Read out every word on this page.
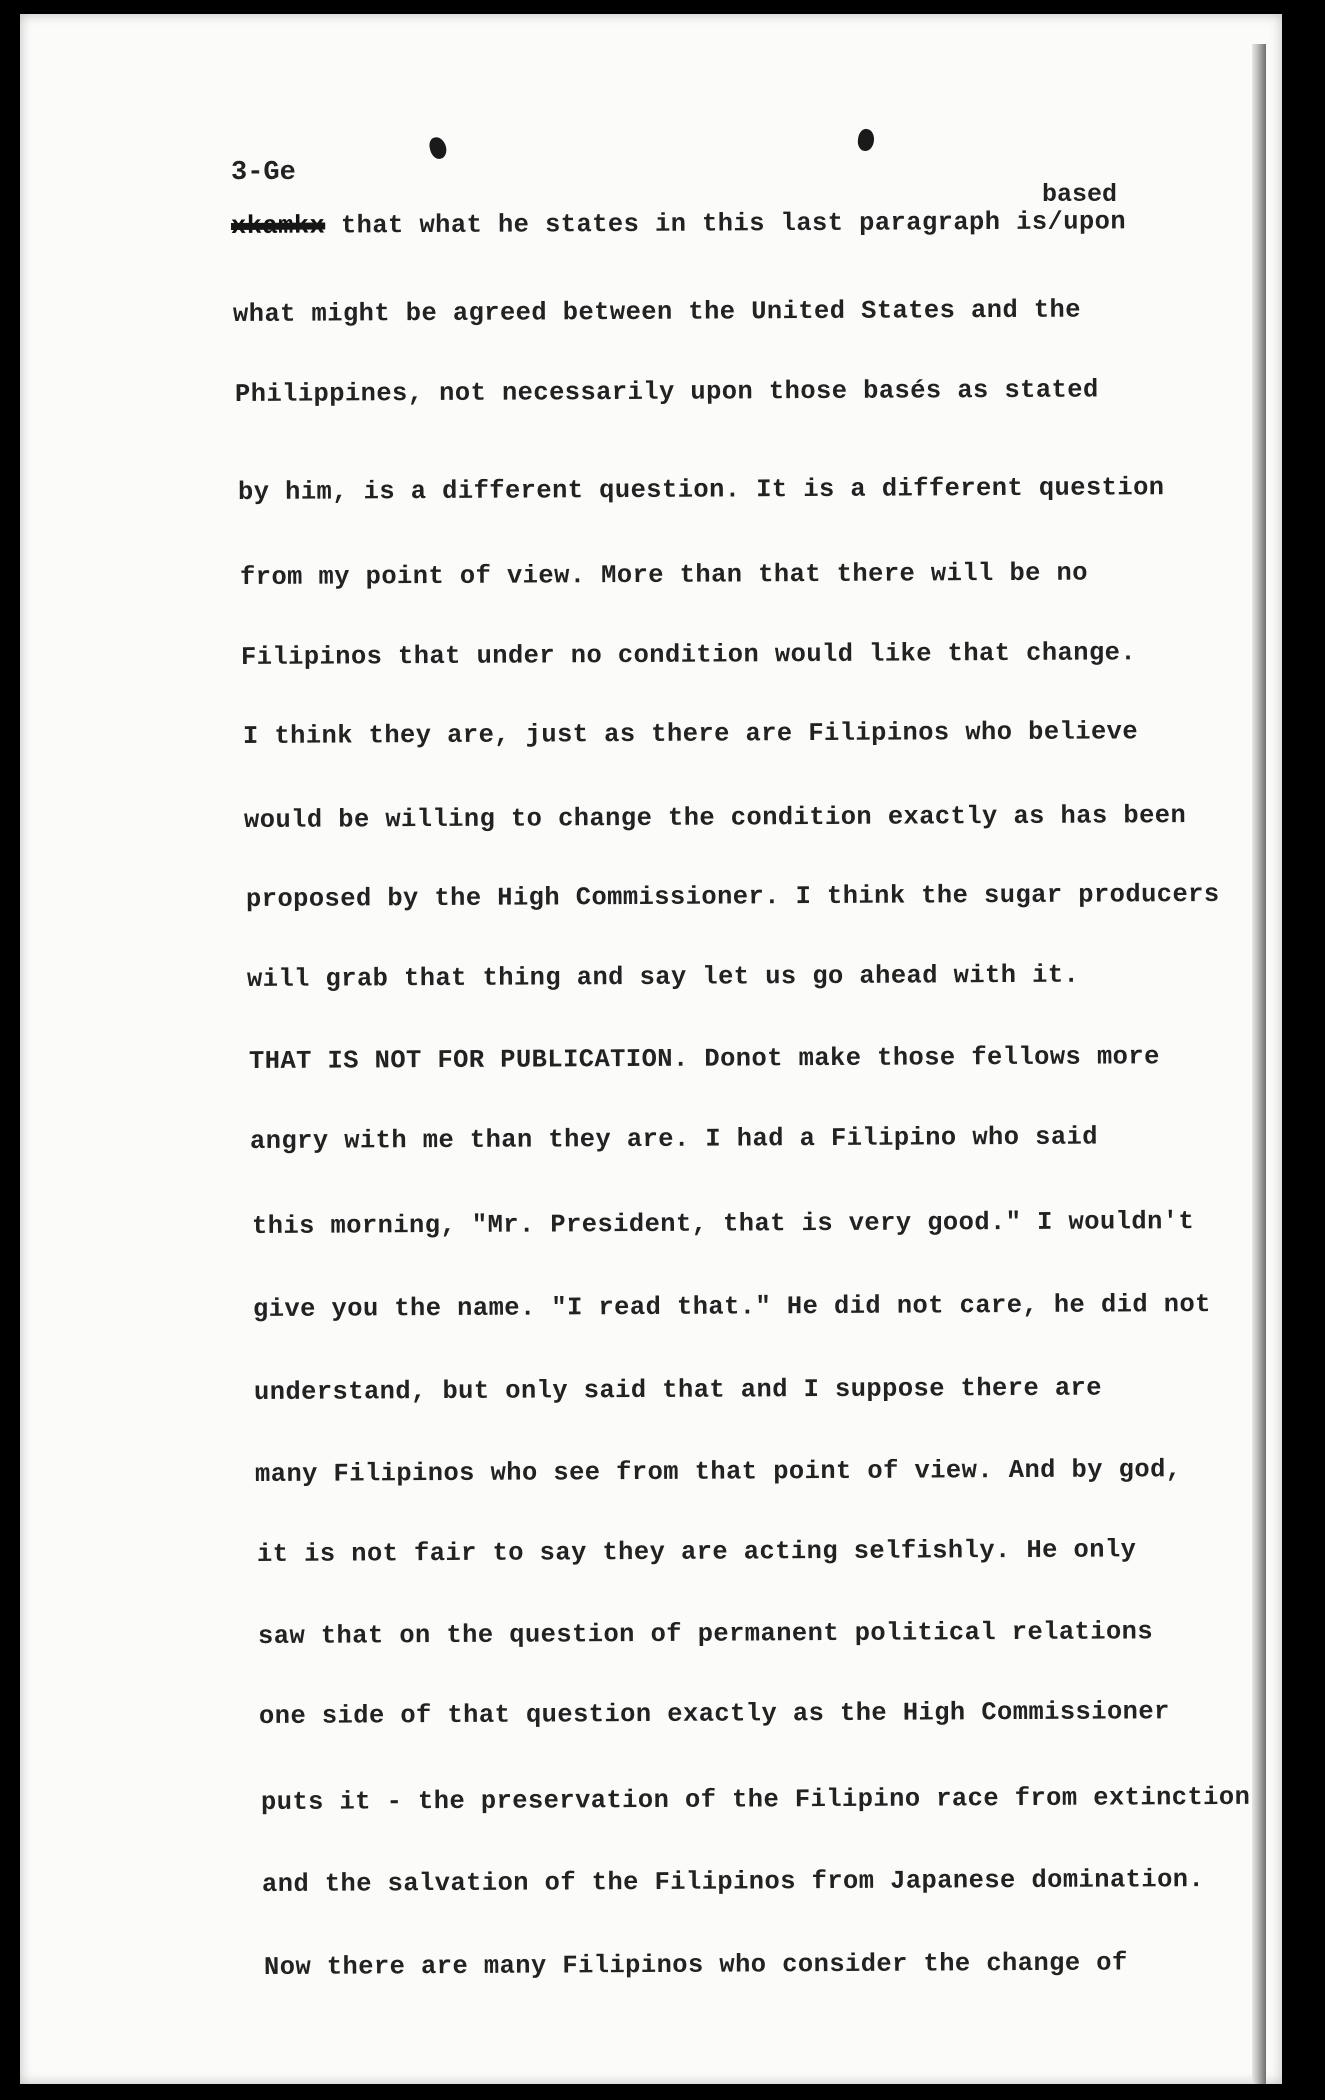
3-Ge
based
xkamkx that what he states in this last paragraph is/upon
what might be agreed between the United States and the
Philippines, not necessarily upon those basés as stated
by him, is a different question. It is a different question
from my point of view. More than that there will be no
Filipinos that under no condition would like that change.
I think they are, just as there are Filipinos who believe
would be willing to change the condition exactly as has been
proposed by the High Commissioner. I think the sugar producers
will grab that thing and say let us go ahead with it.
THAT IS NOT FOR PUBLICATION. Donot make those fellows more
angry with me than they are. I had a Filipino who said
this morning, "Mr. President, that is very good." I wouldn't
give you the name. "I read that." He did not care, he did not
understand, but only said that and I suppose there are
many Filipinos who see from that point of view. And by god,
it is not fair to say they are acting selfishly. He only
saw that on the question of permanent political relations
one side of that question exactly as the High Commissioner
puts it - the preservation of the Filipino race from extinction
and the salvation of the Filipinos from Japanese domination.
Now there are many Filipinos who consider the change of
